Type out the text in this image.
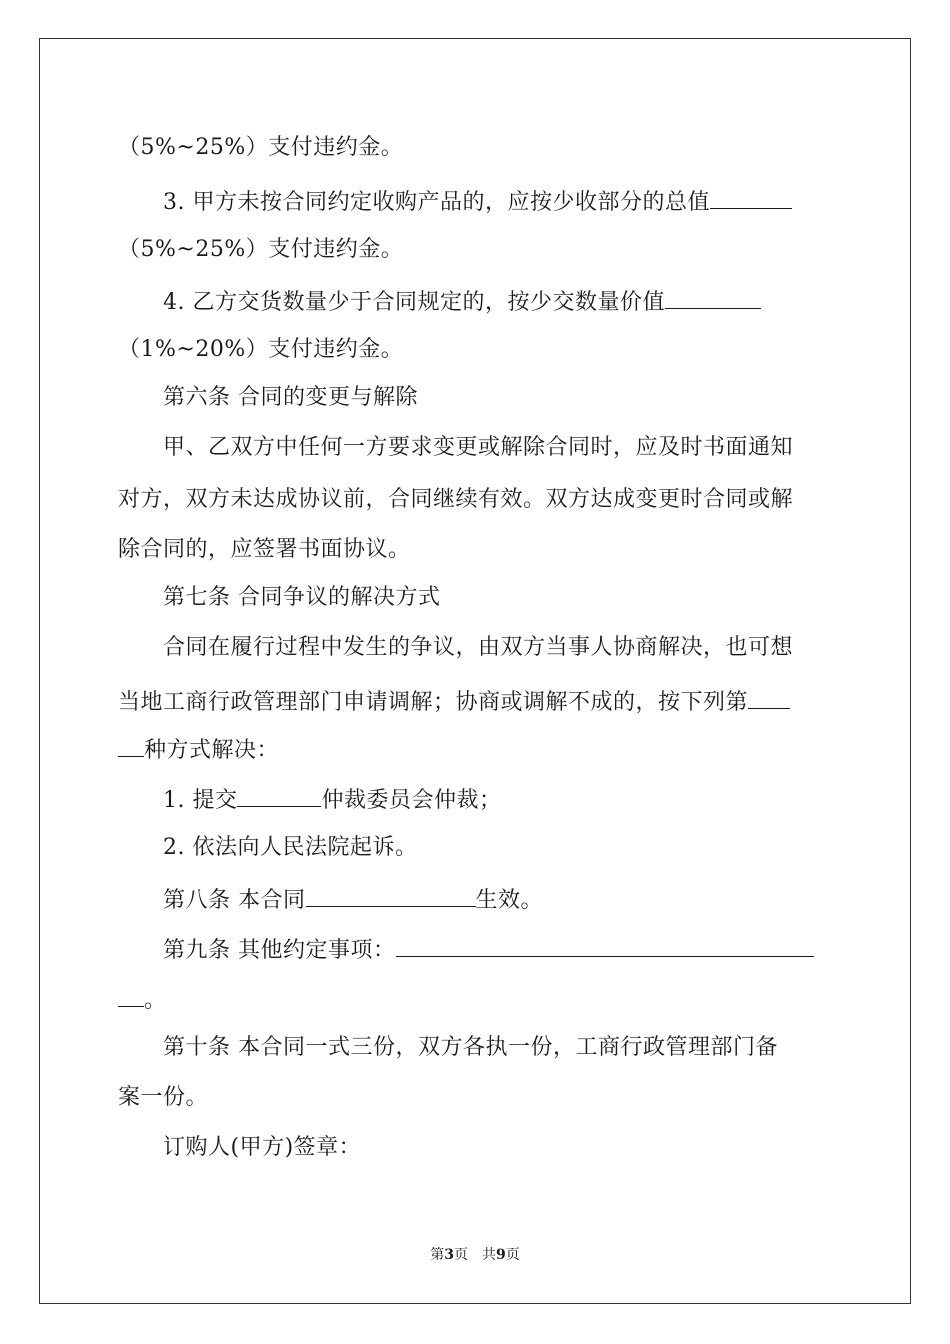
（5%~25%）支付违约金。
3. 甲方未按合同约定收购产品的，应按少收部分的总值
（5%~25%）支付违约金。
4. 乙方交货数量少于合同规定的，按少交数量价值
（1%~20%）支付违约金。
第六条 合同的变更与解除
甲、乙双方中任何一方要求变更或解除合同时，应及时书面通知
对方，双方未达成协议前，合同继续有效。双方达成变更时合同或解
除合同的，应签署书面协议。
第七条 合同争议的解决方式
合同在履行过程中发生的争议，由双方当事人协商解决，也可想
当地工商行政管理部门申请调解；协商或调解不成的，按下列第
种方式解决：
1. 提交	仲裁委员会仲裁；
2. 依法向人民法院起诉。
第八条 本合同	生效。
第九条 其他约定事项：
。
第十条 本合同一式三份，双方各执一份，工商行政管理部门备
案一份。
订购人(甲方)签章：
第3页　共9页
